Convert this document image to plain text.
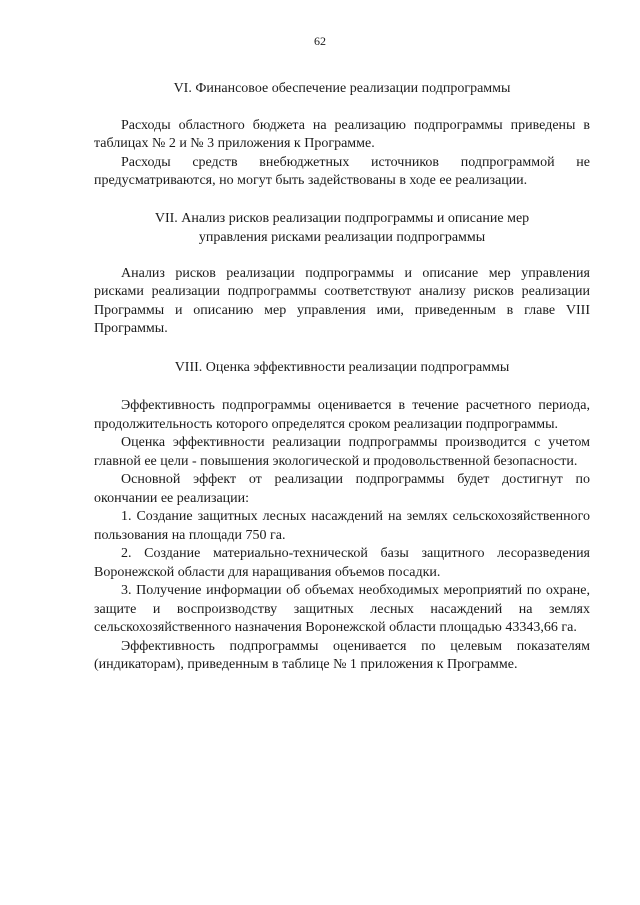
62
VI. Финансовое обеспечение реализации подпрограммы

Расходы областного бюджета на реализацию подпрограммы приведены в таблицах № 2 и № 3 приложения к Программе.

Расходы средств внебюджетных источников подпрограммой не предусматриваются, но могут быть задействованы в ходе ее реализации.

VII. Анализ рисков реализации подпрограммы и описание мер
управления рисками реализации подпрограммы

Анализ рисков реализации подпрограммы и описание мер управления рисками реализации подпрограммы соответствуют анализу рисков реализации Программы и описанию мер управления ими, приведенным в главе VIII Программы.

VIII. Оценка эффективности реализации подпрограммы

Эффективность подпрограммы оценивается в течение расчетного периода, продолжительность которого определятся сроком реализации подпрограммы.

Оценка эффективности реализации подпрограммы производится с учетом главной ее цели - повышения экологической и продовольственной безопасности.

Основной эффект от реализации подпрограммы будет достигнут по окончании ее реализации:

1. Создание защитных лесных насаждений на землях сельскохозяйственного пользования на площади 750 га.

2. Создание материально-технической базы защитного лесоразведения Воронежской области для наращивания объемов посадки.

3. Получение информации об объемах необходимых мероприятий по охране, защите и воспроизводству защитных лесных насаждений на землях сельскохозяйственного назначения Воронежской области площадью 43343,66 га.

Эффективность подпрограммы оценивается по целевым показателям (индикаторам), приведенным в таблице № 1 приложения к Программе.
